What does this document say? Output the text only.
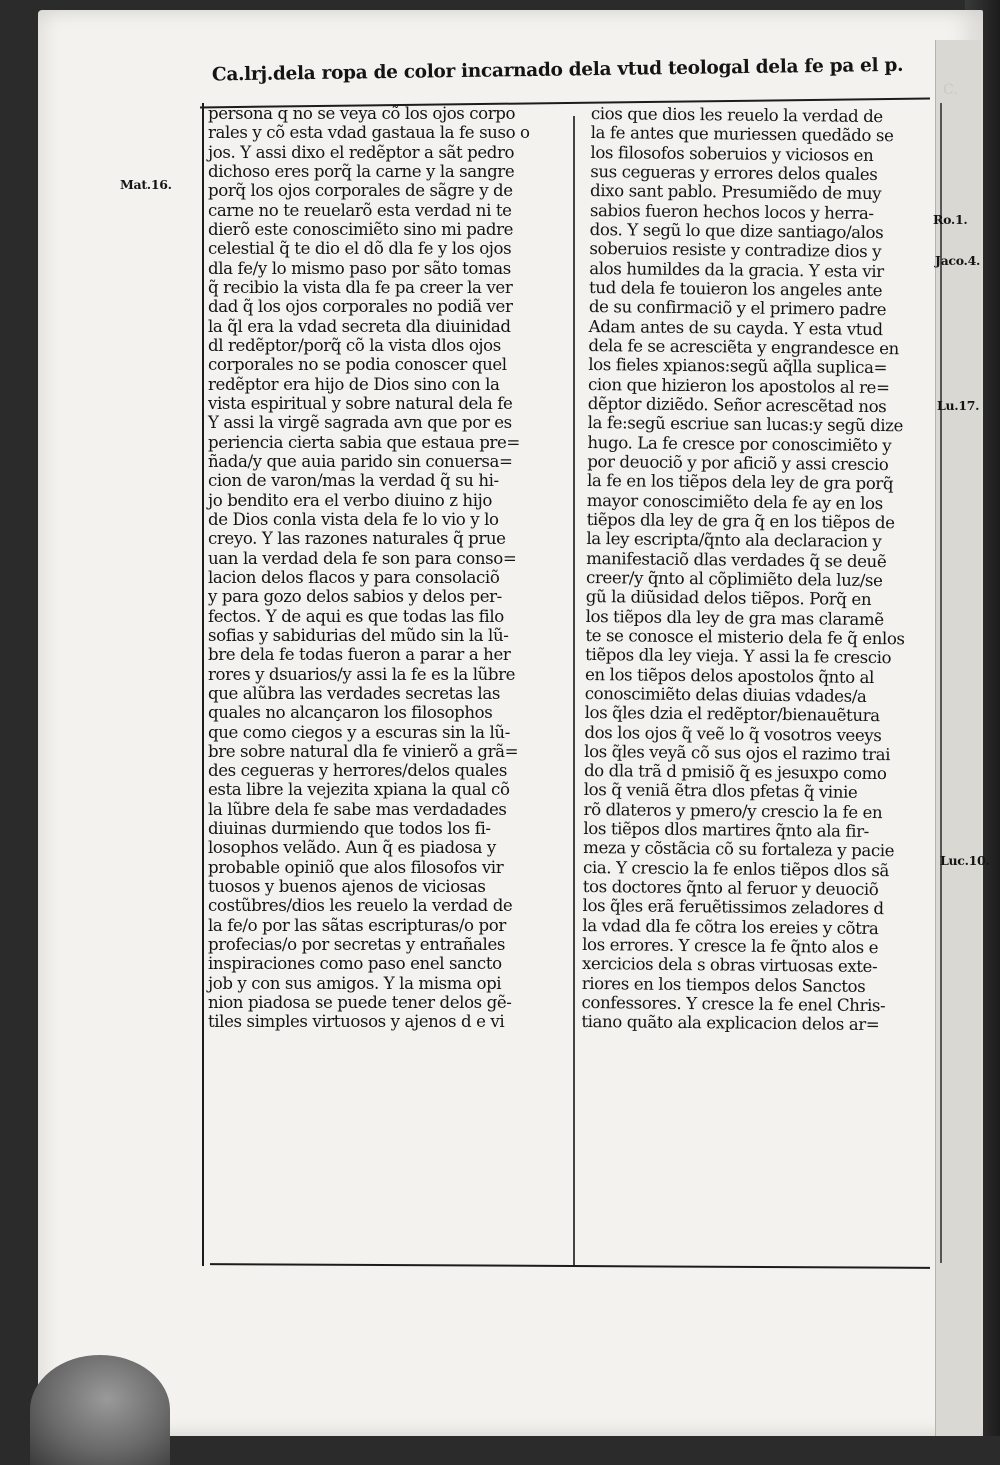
C.
Ca.lrj.dela ropa de color incarnado dela vtud teologal dela fe pa el p.
Mat.16.
Ro.1.
Jaco.4.
Lu.17.
Luc.10.
persona q no se veya cõ los ojos corpo
rales y cõ esta vdad gastaua la fe suso o
jos. Y assi dixo el redẽptor a sãt pedro
dichoso eres porq̃ la carne y la sangre
porq̃ los ojos corporales de sãgre y de
carne no te reuelarõ esta verdad ni te
dierõ este conoscimiẽto sino mi padre
celestial q̃ te dio el dõ dla fe y los ojos
dla fe/y lo mismo paso por sãto tomas
q̃ recibio la vista dla fe pa creer la ver
dad q̃ los ojos corporales no podiã ver
la q̃l era la vdad secreta dla diuinidad
dl redẽptor/porq̃ cõ la vista dlos ojos
corporales no se podia conoscer quel
redẽptor era hijo de Dios sino con la
vista espiritual y sobre natural dela fe
Y assi la virgẽ sagrada avn que por es
periencia cierta sabia que estaua pre=
ñada/y que auia parido sin conuersa=
cion de varon/mas la verdad q̃ su hi-
jo bendito era el verbo diuino z hijo
de Dios conla vista dela fe lo vio y lo
creyo. Y las razones naturales q̃ prue
uan la verdad dela fe son para conso=
lacion delos flacos y para consolaciõ
y para gozo delos sabios y delos per-
fectos. Y de aqui es que todas las filo
sofias y sabidurias del mũdo sin la lũ-
bre dela fe todas fueron a parar a her
rores y dsuarios/y assi la fe es la lũbre
que alũbra las verdades secretas las
quales no alcançaron los filosophos
que como ciegos y a escuras sin la lũ-
bre sobre natural dla fe vinierõ a grã=
des cegueras y herrores/delos quales
esta libre la vejezita xpiana la qual cõ
la lũbre dela fe sabe mas verdadades
diuinas durmiendo que todos los fi-
losophos velãdo. Aun q̃ es piadosa y
probable opiniõ que alos filosofos vir
tuosos y buenos ajenos de viciosas
costũbres/dios les reuelo la verdad de
la fe/o por las sãtas escripturas/o por
profecias/o por secretas y entrañales
inspiraciones como paso enel sancto
job y con sus amigos. Y la misma opi
nion piadosa se puede tener delos gẽ-
tiles simples virtuosos y ajenos d e vi
cios que dios les reuelo la verdad de
la fe antes que muriessen quedãdo se
los filosofos soberuios y viciosos en
sus cegueras y errores delos quales
dixo sant pablo. Presumiẽdo de muy
sabios fueron hechos locos y herra-
dos. Y segũ lo que dize santiago/alos
soberuios resiste y contradize dios y
alos humildes da la gracia. Y esta vir
tud dela fe touieron los angeles ante
de su confirmaciõ y el primero padre
Adam antes de su cayda. Y esta vtud
dela fe se acresciẽta y engrandesce en
los fieles xpianos:segũ aq̃lla suplica=
cion que hizieron los apostolos al re=
dẽptor diziẽdo. Señor acrescẽtad nos
la fe:segũ escriue san lucas:y segũ dize
hugo. La fe cresce por conoscimiẽto y
por deuociõ y por aficiõ y assi crescio
la fe en los tiẽpos dela ley de gra porq̃
mayor conoscimiẽto dela fe ay en los
tiẽpos dla ley de gra q̃ en los tiẽpos de
la ley escripta/q̃nto ala declaracion y
manifestaciõ dlas verdades q̃ se deuẽ
creer/y q̃nto al cõplimiẽto dela luz/se
gũ la diũsidad delos tiẽpos. Porq̃ en
los tiẽpos dla ley de gra mas claramẽ
te se conosce el misterio dela fe q̃ enlos
tiẽpos dla ley vieja. Y assi la fe crescio
en los tiẽpos delos apostolos q̃nto al
conoscimiẽto delas diuias vdades/a
los q̃les dzia el redẽptor/bienauẽtura
dos los ojos q̃ veẽ lo q̃ vosotros veeys
los q̃les veyã cõ sus ojos el razimo trai
do dla trã d pmisiõ q̃ es jesuxpo como
los q̃ veniã ẽtra dlos pfetas q̃ vinie
rõ dlateros y pmero/y crescio la fe en
los tiẽpos dlos martires q̃nto ala fir-
meza y cõstãcia cõ su fortaleza y pacie
cia. Y crescio la fe enlos tiẽpos dlos sã
tos doctores q̃nto al feruor y deuociõ
los q̃les erã feruẽtissimos zeladores d
la vdad dla fe cõtra los ereies y cõtra
los errores. Y cresce la fe q̃nto alos e
xercicios dela s obras virtuosas exte-
riores en los tiempos delos Sanctos
confessores. Y cresce la fe enel Chris-
tiano quãto ala explicacion delos ar=
